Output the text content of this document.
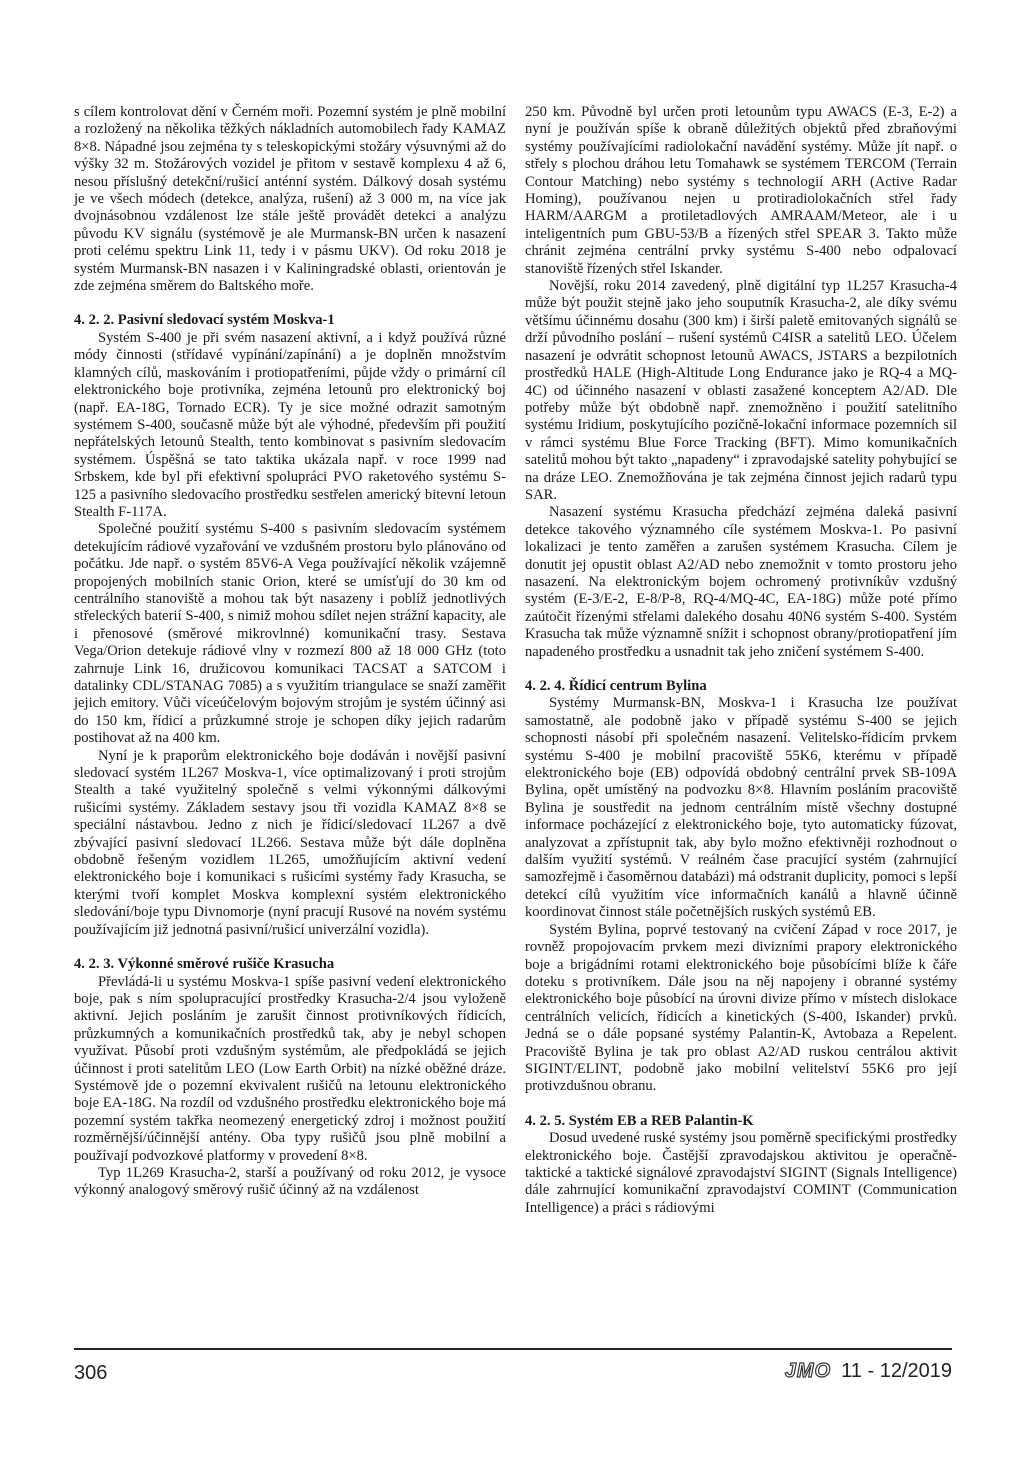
s cílem kontrolovat dění v Černém moři. Pozemní systém je plně mobilní a rozložený na několika těžkých nákladních automobilech řady KAMAZ 8×8. Nápadné jsou zejména ty s teleskopickými stožáry výsuvnými až do výšky 32 m. Stožárových vozidel je přitom v sestavě komplexu 4 až 6, nesou příslušný detekční/rušicí anténní systém. Dálkový dosah systému je ve všech módech (detekce, analýza, rušení) až 3 000 m, na více jak dvojnásobnou vzdálenost lze stále ještě provádět detekci a analýzu původu KV signálu (systémově je ale Murmansk-BN určen k nasazení proti celému spektru Link 11, tedy i v pásmu UKV). Od roku 2018 je systém Murmansk-BN nasazen i v Kaliningradské oblasti, orientován je zde zejména směrem do Baltského moře.

4. 2. 2. Pasivní sledovací systém Moskva-1

Systém S-400 je při svém nasazení aktivní, a i když používá různé módy činnosti (střídavé vypínání/zapínání) a je doplněn množstvím klamných cílů, maskováním i protiopatřeními, půjde vždy o primární cíl elektronického boje protivníka, zejména letounů pro elektronický boj (např. EA-18G, Tornado ECR). Ty je sice možné odrazit samotným systémem S-400, současně může být ale výhodné, především při použití nepřátelských letounů Stealth, tento kombinovat s pasivním sledovacím systémem. Úspěšná se tato taktika ukázala např. v roce 1999 nad Srbskem, kde byl při efektivní spolupráci PVO raketového systému S-125 a pasivního sledovacího prostředku sestřelen americký bitevní letoun Stealth F-117A.

Společné použití systému S-400 s pasivním sledovacím systémem detekujícím rádiové vyzařování ve vzdušném prostoru bylo plánováno od počátku. Jde např. o systém 85V6-A Vega používající několik vzájemně propojených mobilních stanic Orion, které se umísťují do 30 km od centrálního stanoviště a mohou tak být nasazeny i poblíž jednotlivých střeleckých baterií S-400, s nimiž mohou sdílet nejen strážní kapacity, ale i přenosové (směrové mikrovlnné) komunikační trasy. Sestava Vega/Orion detekuje rádiové vlny v rozmezí 800 až 18 000 GHz (toto zahrnuje Link 16, družicovou komunikaci TACSAT a SATCOM i datalinky CDL/STANAG 7085) a s využitím triangulace se snaží zaměřit jejich emitory. Vůči víceúčelovým bojovým strojům je systém účinný asi do 150 km, řídicí a průzkumné stroje je schopen díky jejich radarům postihovat až na 400 km.

Nyní je k praporům elektronického boje dodáván i novější pasivní sledovací systém 1L267 Moskva-1, více optimalizovaný i proti strojům Stealth a také využitelný společně s velmi výkonnými dálkovými rušicími systémy. Základem sestavy jsou tři vozidla KAMAZ 8×8 se speciální nástavbou. Jedno z nich je řídicí/sledovací 1L267 a dvě zbývající pasivní sledovací 1L266. Sestava může být dále doplněna obdobně řešeným vozidlem 1L265, umožňujícím aktivní vedení elektronického boje i komunikaci s rušicími systémy řady Krasucha, se kterými tvoří komplet Moskva komplexní systém elektronického sledování/boje typu Divnomorje (nyní pracují Rusové na novém systému používajícím již jednotná pasivní/rušicí univerzální vozidla).

4. 2. 3. Výkonné směrové rušiče Krasucha

Převládá-li u systému Moskva-1 spíše pasivní vedení elektronického boje, pak s ním spolupracující prostředky Krasucha-2/4 jsou vyloženě aktivní. Jejich posláním je zarušit činnost protivníkových řídicích, průzkumných a komunikačních prostředků tak, aby je nebyl schopen využívat. Působí proti vzdušným systémům, ale předpokládá se jejich účinnost i proti satelitům LEO (Low Earth Orbit) na nízké oběžné dráze. Systémově jde o pozemní ekvivalent rušičů na letounu elektronického boje EA-18G. Na rozdíl od vzdušného prostředku elektronického boje má pozemní systém takřka neomezený energetický zdroj i možnost použití rozměrnější/účinnější antény. Oba typy rušičů jsou plně mobilní a používají podvozkové platformy v provedení 8×8.

Typ 1L269 Krasucha-2, starší a používaný od roku 2012, je vysoce výkonný analogový směrový rušič účinný až na vzdálenost

250 km. Původně byl určen proti letounům typu AWACS (E-3, E-2) a nyní je používán spíše k obraně důležitých objektů před zbraňovými systémy používajícími radiolokační navádění systémy. Může jít např. o střely s plochou dráhou letu Tomahawk se systémem TERCOM (Terrain Contour Matching) nebo systémy s technologií ARH (Active Radar Homing), používanou nejen u protiradiolokačních střel řady HARM/AARGM a protiletadlových AMRAAM/Meteor, ale i u inteligentních pum GBU-53/B a řízených střel SPEAR 3. Takto může chránit zejména centrální prvky systému S-400 nebo odpalovací stanoviště řízených střel Iskander.

Novější, roku 2014 zavedený, plně digitální typ 1L257 Krasucha-4 může být použit stejně jako jeho souputník Krasucha-2, ale díky svému většímu účinnému dosahu (300 km) i širší paletě emitovaných signálů se drží původního poslání – rušení systémů C4ISR a satelitů LEO. Účelem nasazení je odvrátit schopnost letounů AWACS, JSTARS a bezpilotních prostředků HALE (High-Altitude Long Endurance jako je RQ-4 a MQ-4C) od účinného nasazení v oblasti zasažené konceptem A2/AD. Dle potřeby může být obdobně např. znemožněno i použití satelitního systému Iridium, poskytujícího pozičně-lokační informace pozemních sil v rámci systému Blue Force Tracking (BFT). Mimo komunikačních satelitů mohou být takto „napadeny“ i zpravodajské satelity pohybující se na dráze LEO. Znemožňována je tak zejména činnost jejich radarů typu SAR.

Nasazení systému Krasucha předchází zejména daleká pasivní detekce takového významného cíle systémem Moskva-1. Po pasivní lokalizaci je tento zaměřen a zarušen systémem Krasucha. Cílem je donutit jej opustit oblast A2/AD nebo znemožnit v tomto prostoru jeho nasazení. Na elektronickým bojem ochromený protivníkův vzdušný systém (E-3/E-2, E-8/P-8, RQ-4/MQ-4C, EA-18G) může poté přímo zaútočit řízenými střelami dalekého dosahu 40N6 systém S-400. Systém Krasucha tak může významně snížit i schopnost obrany/protiopatření jím napadeného prostředku a usnadnit tak jeho zničení systémem S-400.

4. 2. 4. Řídicí centrum Bylina

Systémy Murmansk-BN, Moskva-1 i Krasucha lze používat samostatně, ale podobně jako v případě systému S-400 se jejich schopnosti násobí při společném nasazení. Velitelsko-řídicím prvkem systému S-400 je mobilní pracoviště 55K6, kterému v případě elektronického boje (EB) odpovídá obdobný centrální prvek SB-109A Bylina, opět umístěný na podvozku 8×8. Hlavním posláním pracoviště Bylina je soustředit na jednom centrálním místě všechny dostupné informace pocházející z elektronického boje, tyto automaticky fúzovat, analyzovat a zpřístupnit tak, aby bylo možno efektivněji rozhodnout o dalším využití systémů. V reálném čase pracující systém (zahrnující samozřejmě i časoměrnou databázi) má odstranit duplicity, pomoci s lepší detekcí cílů využitím více informačních kanálů a hlavně účinně koordinovat činnost stále početnějších ruských systémů EB.

Systém Bylina, poprvé testovaný na cvičení Západ v roce 2017, je rovněž propojovacím prvkem mezi divizními prapory elektronického boje a brigádními rotami elektronického boje působícími blíže k čáře doteku s protivníkem. Dále jsou na něj napojeny i obranné systémy elektronického boje působící na úrovni divize přímo v místech dislokace centrálních velicích, řídicích a kinetických (S-400, Iskander) prvků. Jedná se o dále popsané systémy Palantin-K, Avtobaza a Repelent. Pracoviště Bylina je tak pro oblast A2/AD ruskou centrálou aktivit SIGINT/ELINT, podobně jako mobilní velitelství 55K6 pro její protivzdušnou obranu.

4. 2. 5. Systém EB a REB Palantin-K

Dosud uvedené ruské systémy jsou poměrně specifickými prostředky elektronického boje. Častější zpravodajskou aktivitou je operačně-taktické a taktické signálové zpravodajství SIGINT (Signals Intelligence) dále zahrnující komunikační zpravodajství COMINT (Communication Intelligence) a práci s rádiovými

306	JMO 11 - 12/2019
